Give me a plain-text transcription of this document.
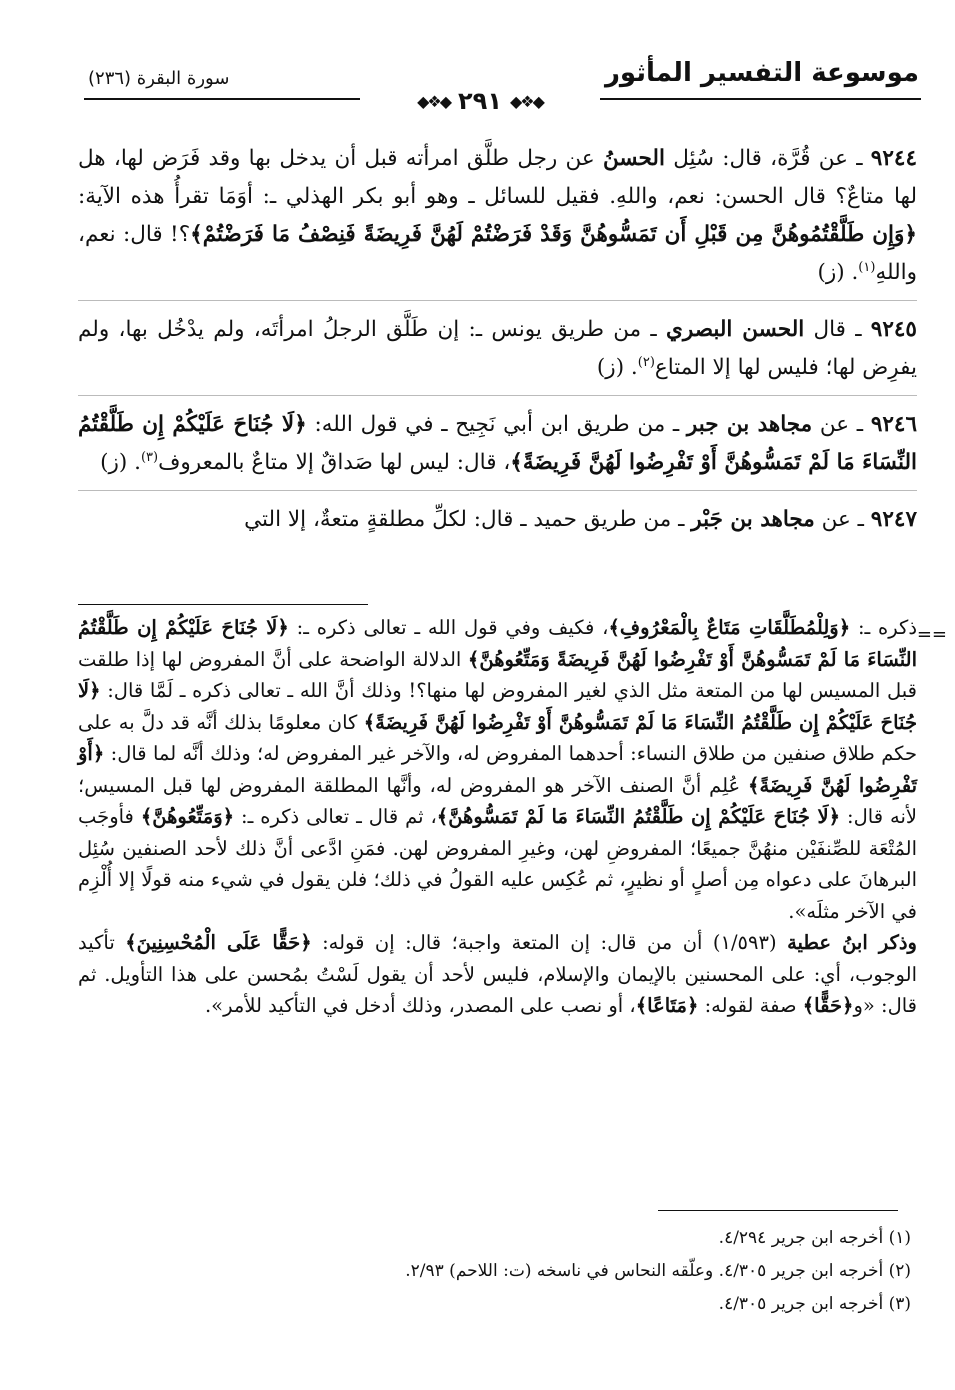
موسوعة التفسير المأثور
سورة البقرة (٢٣٦)
◆❖◆ ٢٩١ ◆❖◆

٩٢٤٤ ـ عن قُرَّة، قال: سُئِل الحسنُ عن رجل طلَّق امرأته قبل أن يدخل بها وقد فَرَض لها، هل لها متاعٌ؟ قال الحسن: نعم، واللهِ. فقيل للسائل ـ وهو أبو بكر الهذلي ـ: أوَمَا تقرأُ هذه الآية: ﴿وَإِن طَلَّقْتُمُوهُنَّ مِن قَبْلِ أَن تَمَسُّوهُنَّ وَقَدْ فَرَضْتُمْ لَهُنَّ فَرِيضَةً فَنِصْفُ مَا فَرَضْتُمْ﴾؟! قال: نعم، واللهِ$^{(١)}$. (ز)

٩٢٤٥ ـ قال الحسن البصري ـ من طريق يونس ـ: إن طَلَّق الرجلُ امرأتَه، ولم يدْخُل بها، ولم يفرِض لها؛ فليس لها إلا المتاع$^{(٢)}$. (ز)

٩٢٤٦ ـ عن مجاهد بن جبر ـ من طريق ابن أبي نَجِيح ـ في قول الله: ﴿لَا جُنَاحَ عَلَيْكُمْ إِن طَلَّقْتُمُ النِّسَاءَ مَا لَمْ تَمَسُّوهُنَّ أَوْ تَفْرِضُوا لَهُنَّ فَرِيضَةً﴾، قال: ليس لها صَداقٌ إلا متاعٌ بالمعروف$^{(٣)}$. (ز)

٩٢٤٧ ـ عن مجاهد بن جَبْر ـ من طريق حميد ـ قال: لكلِّ مطلقةٍ متعةٌ، إلا التي

==

ذكره ـ: ﴿وَلِلْمُطَلَّقَاتِ مَتَاعٌ بِالْمَعْرُوفِ﴾، فكيف وفي قول الله ـ تعالى ذكره ـ: ﴿لَا جُنَاحَ عَلَيْكُمْ إِن طَلَّقْتُمُ النِّسَاءَ مَا لَمْ تَمَسُّوهُنَّ أَوْ تَفْرِضُوا لَهُنَّ فَرِيضَةً وَمَتِّعُوهُنَّ﴾ الدلالة الواضحة على أنَّ المفروض لها إذا طلقت قبل المسيس لها من المتعة مثل الذي لغير المفروض لها منها؟! وذلك أنَّ الله ـ تعالى ذكره ـ لَمَّا قال: ﴿لَا جُنَاحَ عَلَيْكُمْ إِن طَلَّقْتُمُ النِّسَاءَ مَا لَمْ تَمَسُّوهُنَّ أَوْ تَفْرِضُوا لَهُنَّ فَرِيضَةً﴾ كان معلومًا بذلك أنَّه قد دلَّ به على حكم طلاق صنفين من طلاق النساء: أحدهما المفروض له، والآخر غير المفروض له؛ وذلك أنَّه لما قال: ﴿أَوْ تَفْرِضُوا لَهُنَّ فَرِيضَةً﴾ عُلِم أنَّ الصنف الآخر هو المفروض له، وأنَّها المطلقة المفروض لها قبل المسيس؛ لأنه قال: ﴿لَا جُنَاحَ عَلَيْكُمْ إِن طَلَّقْتُمُ النِّسَاءَ مَا لَمْ تَمَسُّوهُنَّ﴾، ثم قال ـ تعالى ذكره ـ: ﴿وَمَتِّعُوهُنَّ﴾ فأوجَب المُتْعَة للصِّنفَيْن منهُنَّ جميعًا؛ المفروضِ لهن، وغيرِ المفروض لهن. فمَنِ ادَّعى أنَّ ذلك لأحد الصنفين سُئِل البرهانَ على دعواه مِن أصلٍ أو نظيرٍ، ثم عُكِس عليه القولُ في ذلك؛ فلن يقول في شيء منه قولًا إلا أُلْزِم في الآخر مثلَه».

وذكر ابنُ عطية (١/٥٩٣) أن من قال: إن المتعة واجبة؛ قال: إن قوله: ﴿حَقًّا عَلَى الْمُحْسِنِينَ﴾ تأكيد الوجوب، أي: على المحسنين بالإيمان والإسلام، فليس لأحد أن يقول لَسْتُ بمُحسن على هذا التأويل. ثم قال: «و﴿حَقًّا﴾ صفة لقوله: ﴿مَتَاعًا﴾، أو نصب على المصدر، وذلك أدخل في التأكيد للأمر».

(١) أخرجه ابن جرير ٤/٢٩٤.

(٢) أخرجه ابن جرير ٤/٣٠٥. وعلّقه النحاس في ناسخه (ت: اللاحم) ٢/٩٣.

(٣) أخرجه ابن جرير ٤/٣٠٥.
